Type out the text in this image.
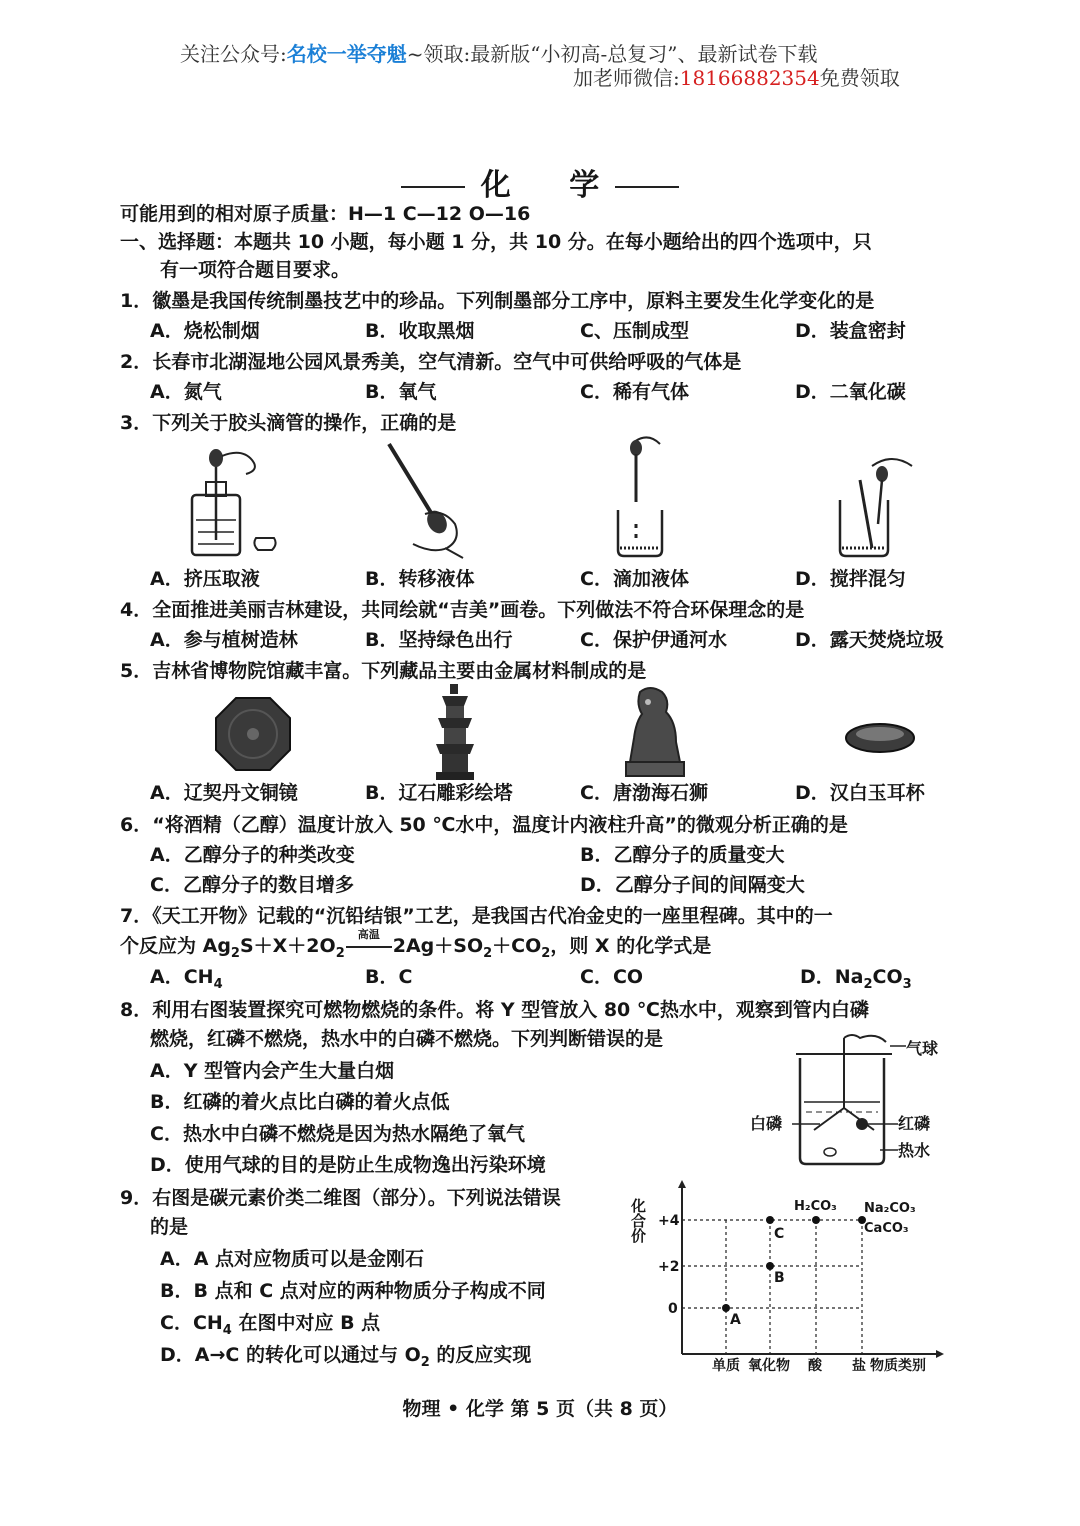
关注公众号:名校一举夺魁~领取:最新版“小初高-总复习”、最新试卷下载
加老师微信:18166882354免费领取
化 学
可能用到的相对原子质量：H—1 C—12 O—16
一、选择题：本题共 10 小题，每小题 1 分，共 10 分。在每小题给出的四个选项中，只
有一项符合题目要求。
1．徽墨是我国传统制墨技艺中的珍品。下列制墨部分工序中，原料主要发生化学变化的是
A．烧松制烟	B．收取黑烟	C、压制成型	D．装盒密封
2．长春市北湖湿地公园风景秀美，空气清新。空气中可供给呼吸的气体是
A．氮气	B．氧气	C．稀有气体	D．二氧化碳
3．下列关于胶头滴管的操作，正确的是
A．挤压取液	B．转移液体	C．滴加液体	D．搅拌混匀
4．全面推进美丽吉林建设，共同绘就“吉美”画卷。下列做法不符合环保理念的是
A．参与植树造林	B．坚持绿色出行	C．保护伊通河水	D．露天焚烧垃圾
5．吉林省博物院馆藏丰富。下列藏品主要由金属材料制成的是
A．辽契丹文铜镜	B．辽石雕彩绘塔	C．唐渤海石狮	D．汉白玉耳杯
6．“将酒精（乙醇）温度计放入 50 ℃水中，温度计内液柱升高”的微观分析正确的是
A．乙醇分子的种类改变	B．乙醇分子的质量变大
C．乙醇分子的数目增多	D．乙醇分子间的间隔变大
7．《天工开物》记载的“沉铅结银”工艺，是我国古代冶金史的一座里程碑。其中的一
个反应为 $Ag_2S+X+2O_2$
高温
$2Ag+SO_2+CO_2$，则 X 的化学式是
A．$CH_4$	B．C	C．CO	D．$Na_2CO_3$
8．利用右图装置探究可燃物燃烧的条件。将 Y 型管放入 80 ℃热水中，观察到管内白磷
燃烧，红磷不燃烧，热水中的白磷不燃烧。下列判断错误的是
A．Y 型管内会产生大量白烟
B．红磷的着火点比白磷的着火点低
C．热水中白磷不燃烧是因为热水隔绝了氧气
D．使用气球的目的是防止生成物逸出污染环境
气球
白磷	红磷
热水
9．右图是碳元素价类二维图（部分）。下列说法错误
的是
A．A 点对应物质可以是金刚石
B．B 点和 C 点对应的两种物质分子构成不同
C．$CH_4$ 在图中对应 B 点
D．A→C 的转化可以通过与 $O_2$ 的反应实现
化合价 +4
+2
0
单质 氧化物 酸 盐 物质类别
A
B
C
H₂CO₃ Na₂CO₃
CaCO₃
物理 • 化学 第 5 页（共 8 页）
